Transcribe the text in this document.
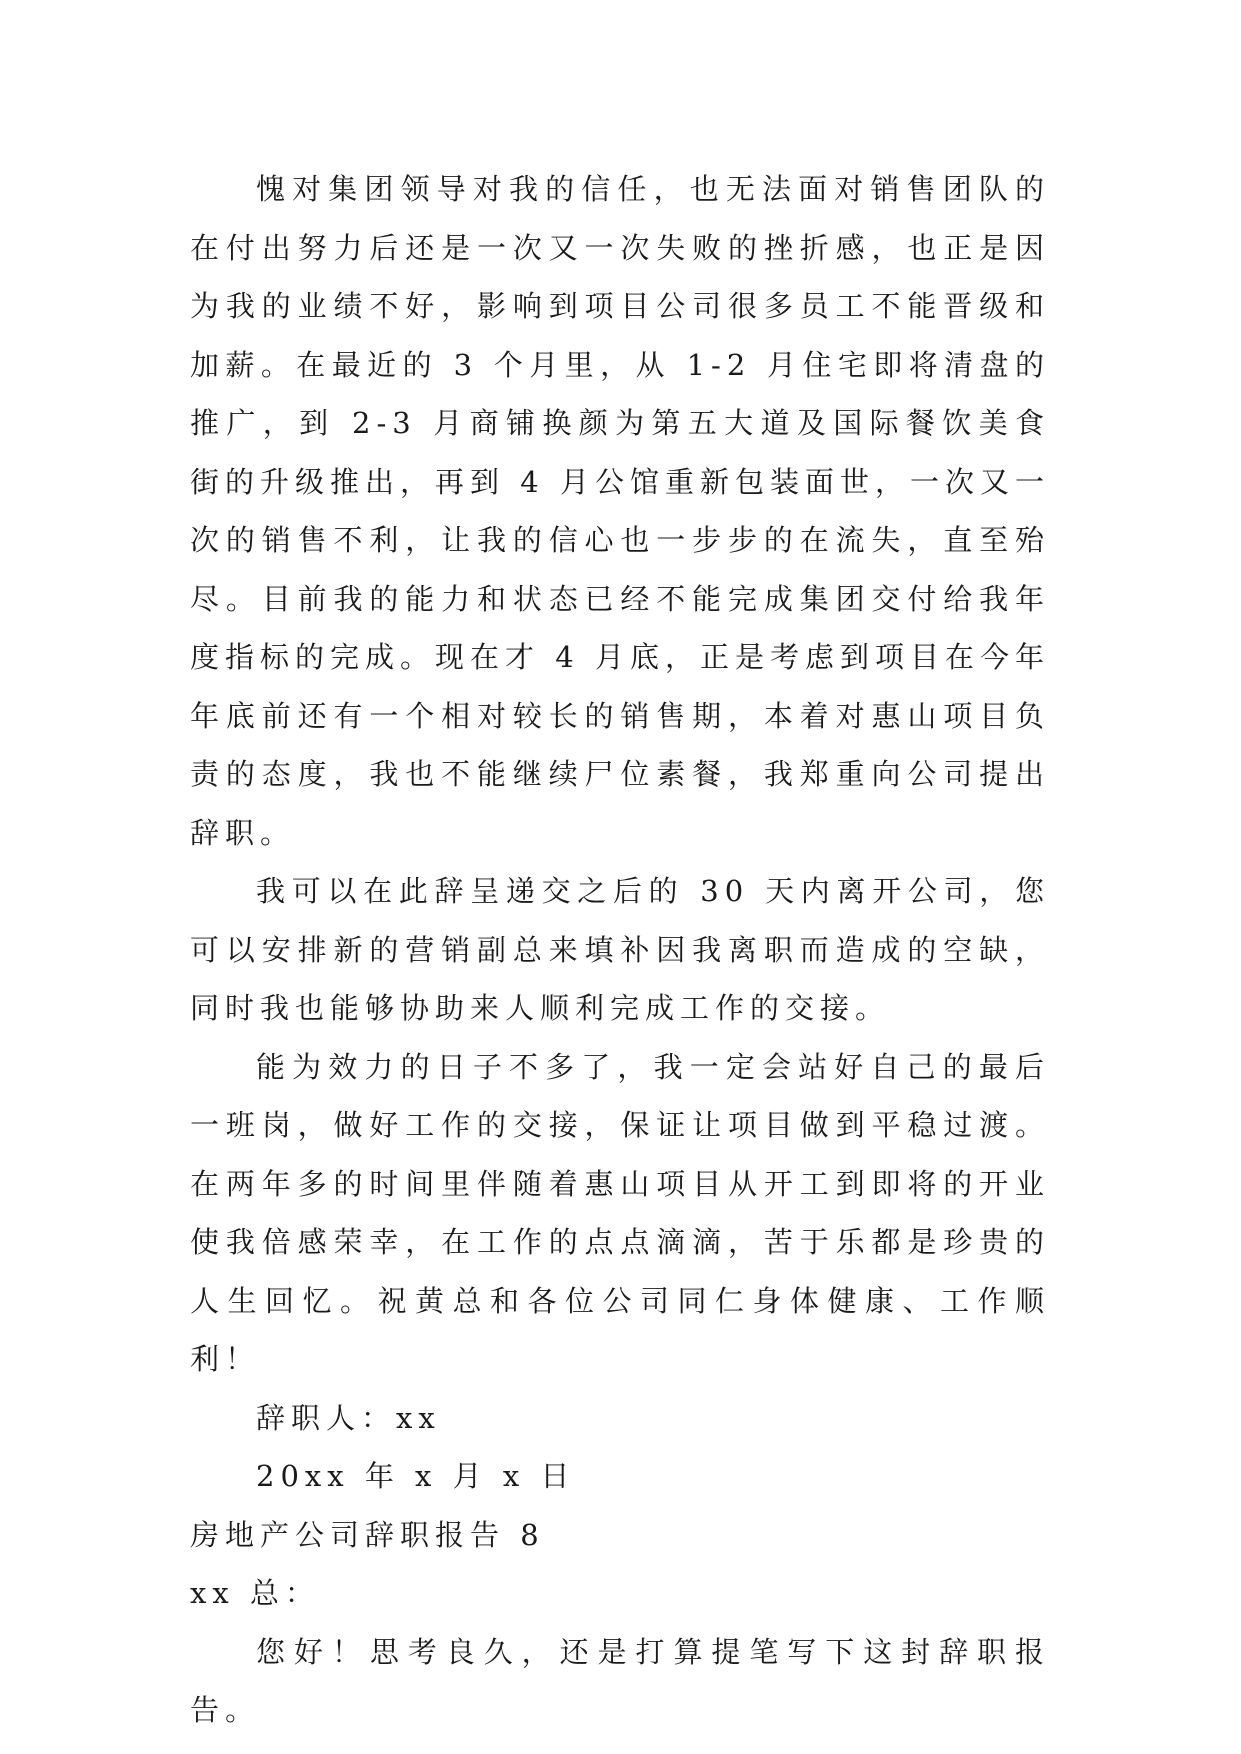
愧对集团领导对我的信任，也无法面对销售团队的在付出努力后还是一次又一次失败的挫折感，也正是因为我的业绩不好，影响到项目公司很多员工不能晋级和加薪。在最近的 3 个月里，从 1-2 月住宅即将清盘的推广，到 2-3 月商铺换颜为第五大道及国际餐饮美食街的升级推出，再到 4 月公馆重新包装面世，一次又一次的销售不利，让我的信心也一步步的在流失，直至殆尽。目前我的能力和状态已经不能完成集团交付给我年度指标的完成。现在才 4 月底，正是考虑到项目在今年年底前还有一个相对较长的销售期，本着对惠山项目负责的态度，我也不能继续尸位素餐，我郑重向公司提出辞职。

我可以在此辞呈递交之后的 30 天内离开公司，您可以安排新的营销副总来填补因我离职而造成的空缺，同时我也能够协助来人顺利完成工作的交接。

能为效力的日子不多了，我一定会站好自己的最后一班岗，做好工作的交接，保证让项目做到平稳过渡。在两年多的时间里伴随着惠山项目从开工到即将的开业使我倍感荣幸，在工作的点点滴滴，苦于乐都是珍贵的人生回忆。祝黄总和各位公司同仁身体健康、工作顺利！

辞职人：xx

20xx 年 x 月 x 日

房地产公司辞职报告 8

xx 总：

您好！思考良久，还是打算提笔写下这封辞职报告。
